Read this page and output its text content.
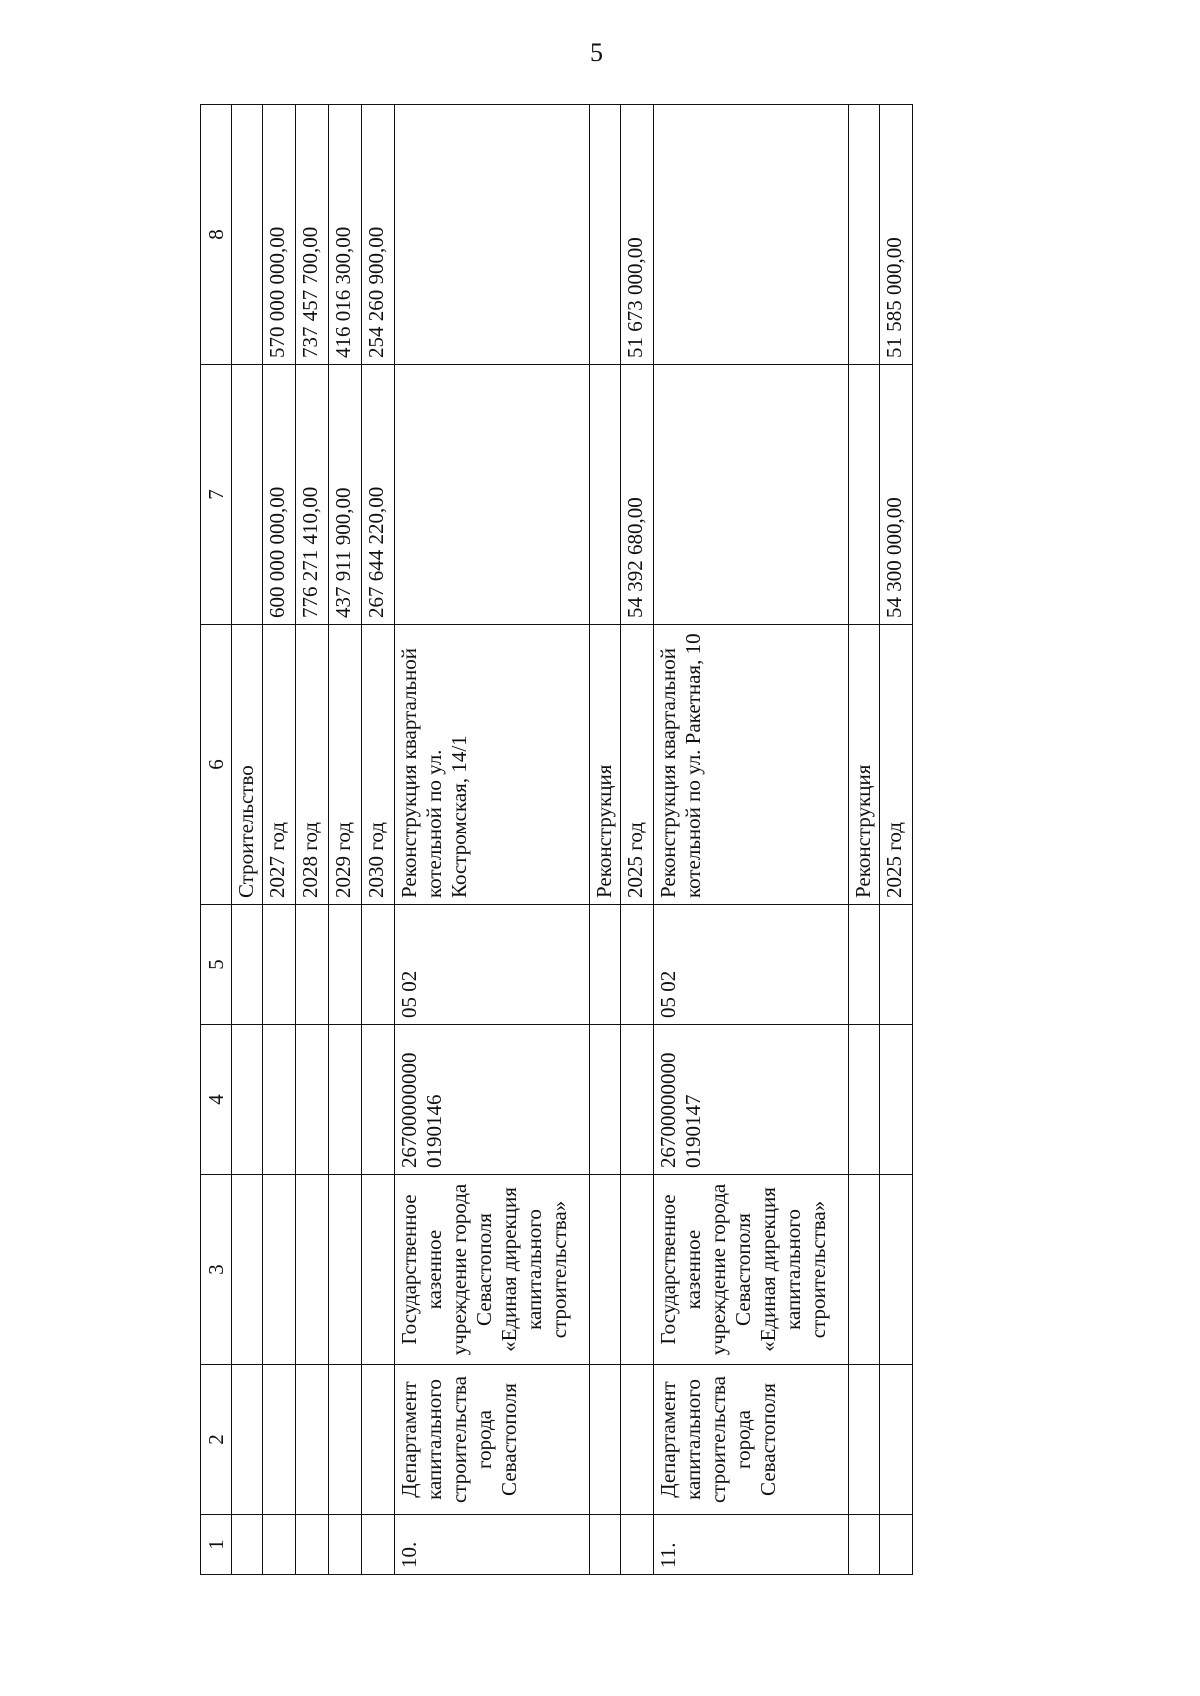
5
1	2	3	4	5	6	7	8
					Строительство		
					2027 год	600 000 000,00	570 000 000,00
					2028 год	776 271 410,00	737 457 700,00
					2029 год	437 911 900,00	416 016 300,00
					2030 год	267 644 220,00	254 260 900,00
10.	Департамент капитального строительства города Севастополя	Государственное казенное учреждение города Севастополя «Единая дирекция капитального строительства»	26700000000 0190146	05 02	Реконструкция квартальной котельной по ул. Костромская, 14/1		
					Реконструкция		
					2025 год	54 392 680,00	51 673 000,00
11.	Департамент капитального строительства города Севастополя	Государственное казенное учреждение города Севастополя «Единая дирекция капитального строительства»	26700000000 0190147	05 02	Реконструкция квартальной котельной по ул. Ракетная, 10		
					Реконструкция		
					2025 год	54 300 000,00	51 585 000,00
